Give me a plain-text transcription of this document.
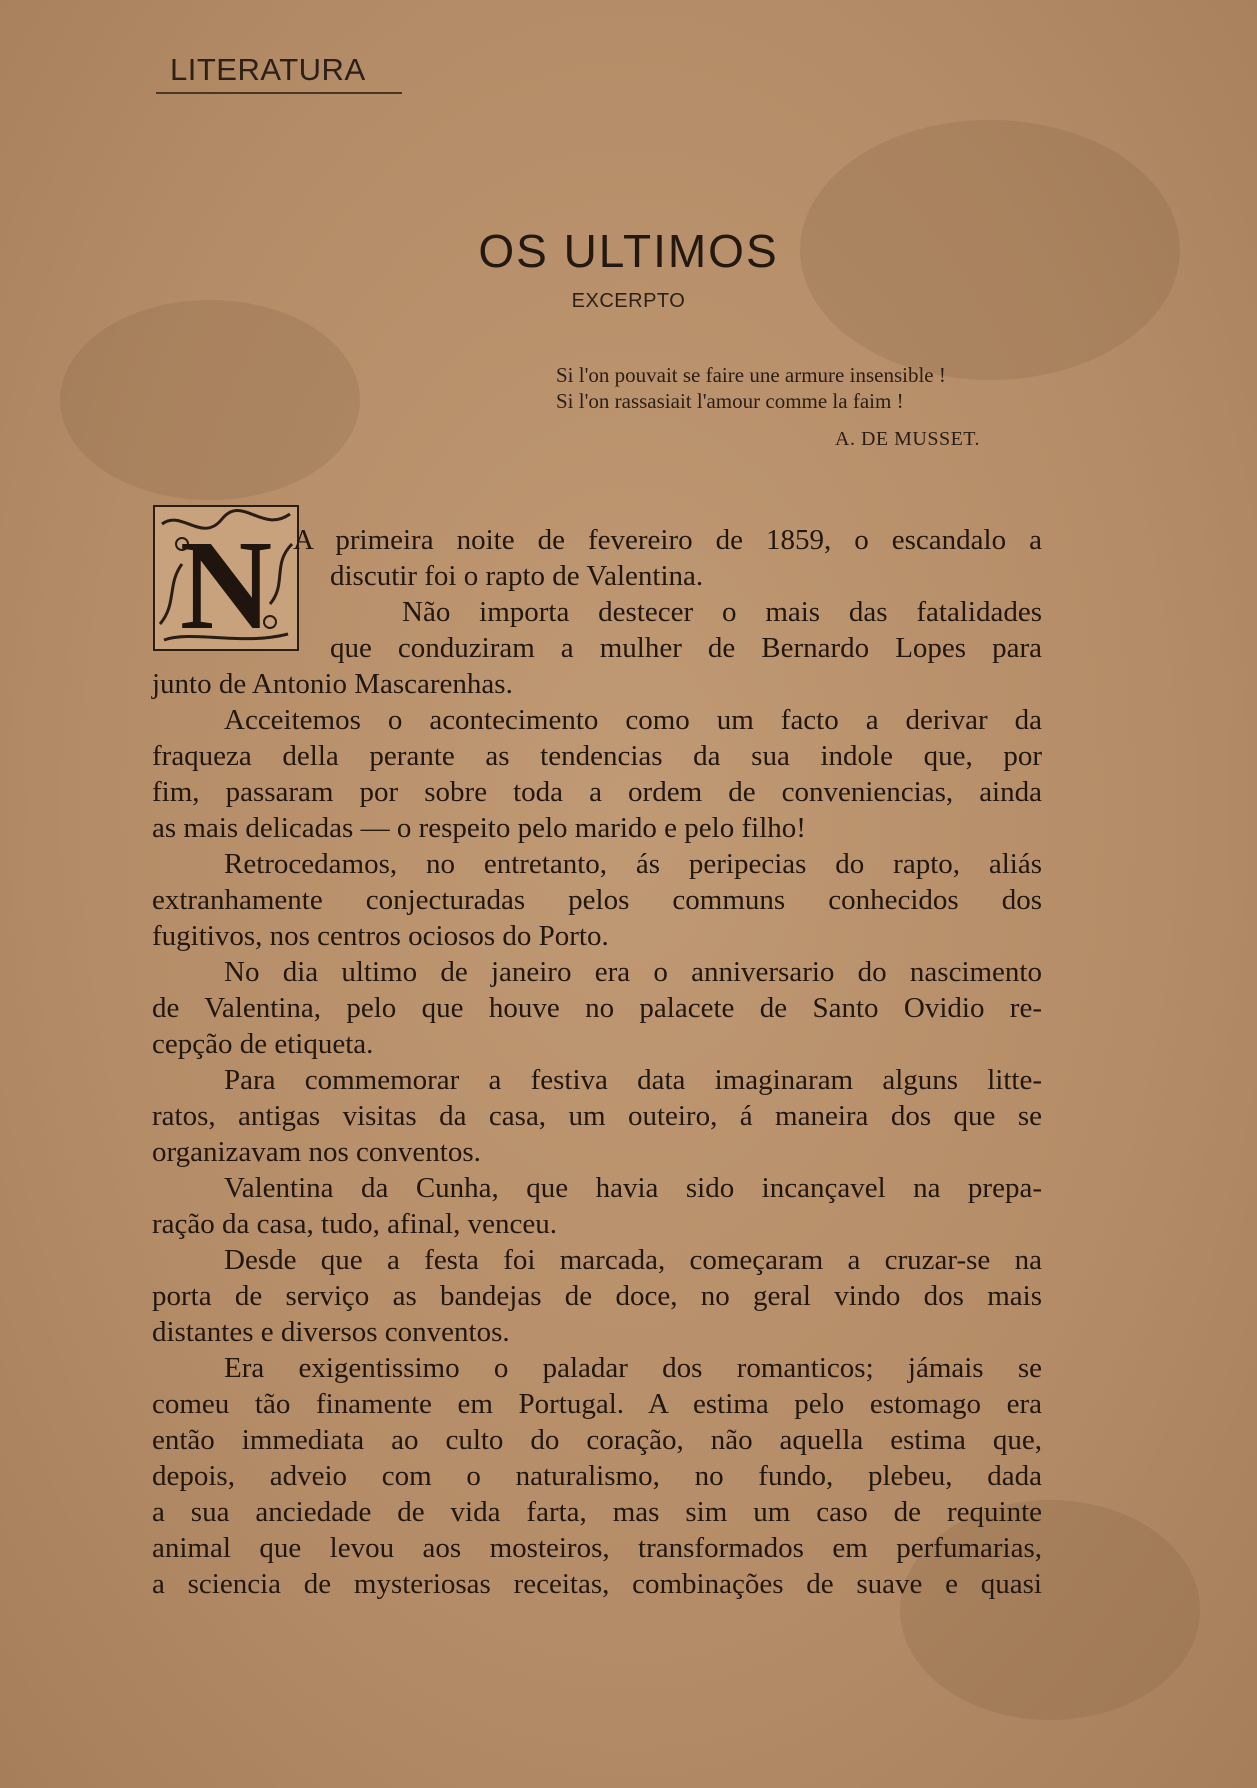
LITERATURA
OS ULTIMOS
EXCERPTO
Si l'on pouvait se faire une armure insensible !
Si l'on rassasiait l'amour comme la faim !
A. DE MUSSET.
N A primeira noite de fevereiro de 1859, o escandalo a
discutir foi o rapto de Valentina.
Não importa destecer o mais das fatalidades
que conduziram a mulher de Bernardo Lopes para
junto de Antonio Mascarenhas.
Acceitemos o acontecimento como um facto a derivar da
fraqueza della perante as tendencias da sua indole que, por
fim, passaram por sobre toda a ordem de conveniencias, ainda
as mais delicadas — o respeito pelo marido e pelo filho!
Retrocedamos, no entretanto, ás peripecias do rapto, aliás
extranhamente conjecturadas pelos communs conhecidos dos
fugitivos, nos centros ociosos do Porto.
No dia ultimo de janeiro era o anniversario do nascimento
de Valentina, pelo que houve no palacete de Santo Ovidio re-
cepção de etiqueta.
Para commemorar a festiva data imaginaram alguns litte-
ratos, antigas visitas da casa, um outeiro, á maneira dos que se
organizavam nos conventos.
Valentina da Cunha, que havia sido incançavel na prepa-
ração da casa, tudo, afinal, venceu.
Desde que a festa foi marcada, começaram a cruzar-se na
porta de serviço as bandejas de doce, no geral vindo dos mais
distantes e diversos conventos.
Era exigentissimo o paladar dos romanticos; jámais se
comeu tão finamente em Portugal. A estima pelo estomago era
então immediata ao culto do coração, não aquella estima que,
depois, adveio com o naturalismo, no fundo, plebeu, dada
a sua anciedade de vida farta, mas sim um caso de requinte
animal que levou aos mosteiros, transformados em perfumarias,
a sciencia de mysteriosas receitas, combinações de suave e quasi
